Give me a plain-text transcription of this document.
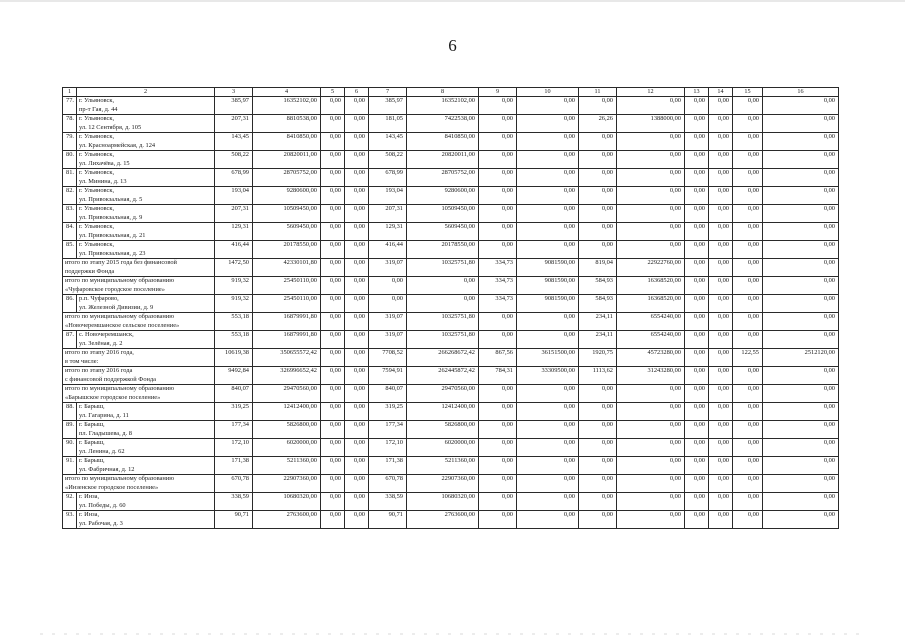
6
1	2	3	4	5	6	7	8	9	10	11	12	13	14	15	16
77.	г. Ульяновск,
пр-т Гая, д. 44	385,97	16352102,00	0,00	0,00	385,97	16352102,00	0,00	0,00	0,00	0,00	0,00	0,00	0,00	0,00
78.	г. Ульяновск,
ул. 12 Сентября, д. 105	207,31	8810538,00	0,00	0,00	181,05	7422538,00	0,00	0,00	26,26	1388000,00	0,00	0,00	0,00	0,00
79.	г. Ульяновск,
ул. Красноармейская, д. 124	143,45	8410850,00	0,00	0,00	143,45	8410850,00	0,00	0,00	0,00	0,00	0,00	0,00	0,00	0,00
80.	г. Ульяновск,
ул. Лихачёва, д. 15	508,22	20820011,00	0,00	0,00	508,22	20820011,00	0,00	0,00	0,00	0,00	0,00	0,00	0,00	0,00
81.	г. Ульяновск,
ул. Минина, д. 13	678,99	28705752,00	0,00	0,00	678,99	28705752,00	0,00	0,00	0,00	0,00	0,00	0,00	0,00	0,00
82.	г. Ульяновск,
ул. Привокзальная, д. 5	193,04	9280600,00	0,00	0,00	193,04	9280600,00	0,00	0,00	0,00	0,00	0,00	0,00	0,00	0,00
83.	г. Ульяновск,
ул. Привокзальная, д. 9	207,31	10509450,00	0,00	0,00	207,31	10509450,00	0,00	0,00	0,00	0,00	0,00	0,00	0,00	0,00
84.	г. Ульяновск,
ул. Привокзальная, д. 21	129,31	5609450,00	0,00	0,00	129,31	5609450,00	0,00	0,00	0,00	0,00	0,00	0,00	0,00	0,00
85.	г. Ульяновск,
ул. Привокзальная, д. 23	416,44	20178550,00	0,00	0,00	416,44	20178550,00	0,00	0,00	0,00	0,00	0,00	0,00	0,00	0,00

итого по этапу 2015 года без финансовой
поддержки Фонда		1472,50	42330101,80	0,00	0,00	319,07	10325751,80	334,73	9081590,00	819,04	22922760,00	0,00	0,00	0,00	0,00

итого по муниципальному образованию
«Чуфаровское городское поселение»		919,32	25450110,00	0,00	0,00	0,00	0,00	334,73	9081590,00	584,93	16368520,00	0,00	0,00	0,00	0,00
86.	р.п. Чуфарово,
ул. Железной Дивизии, д. 9	919,32	25450110,00	0,00	0,00	0,00	0,00	334,73	9081590,00	584,93	16368520,00	0,00	0,00	0,00	0,00

итого по муниципальному образованию
«Новочеремшанское сельское поселение»		553,18	16879991,80	0,00	0,00	319,07	10325751,80	0,00	0,00	234,11	6554240,00	0,00	0,00	0,00	0,00
87.	с. Новочеремшанск,
ул. Зелёная, д. 2	553,18	16879991,80	0,00	0,00	319,07	10325751,80	0,00	0,00	234,11	6554240,00	0,00	0,00	0,00	0,00

итого по этапу 2016 года,
в том числе:		10619,38	350655572,42	0,00	0,00	7708,52	266268672,42	867,56	36151500,00	1920,75	45723280,00	0,00	0,00	122,55	2512120,00

итого по этапу 2016 года
с финансовой поддержкой Фонда		9492,84	326996652,42	0,00	0,00	7594,91	262445872,42	784,31	33309500,00	1113,62	31243280,00	0,00	0,00	0,00	0,00

итого по муниципальному образованию
«Барышское городское поселение»		840,07	29470560,00	0,00	0,00	840,07	29470560,00	0,00	0,00	0,00	0,00	0,00	0,00	0,00	0,00
88.	г. Барыш,
ул. Гагарина, д. 11	319,25	12412400,00	0,00	0,00	319,25	12412400,00	0,00	0,00	0,00	0,00	0,00	0,00	0,00	0,00
89.	г. Барыш,
пл. Гладышева, д. 8	177,34	5826800,00	0,00	0,00	177,34	5826800,00	0,00	0,00	0,00	0,00	0,00	0,00	0,00	0,00
90.	г. Барыш,
ул. Ленина, д. 62	172,10	6020000,00	0,00	0,00	172,10	6020000,00	0,00	0,00	0,00	0,00	0,00	0,00	0,00	0,00
91.	г. Барыш,
ул. Фабричная, д. 12	171,38	5211360,00	0,00	0,00	171,38	5211360,00	0,00	0,00	0,00	0,00	0,00	0,00	0,00	0,00

итого по муниципальному образованию
«Инзенское городское поселение»		670,78	22907360,00	0,00	0,00	670,78	22907360,00	0,00	0,00	0,00	0,00	0,00	0,00	0,00	0,00
92.	г. Инза,
ул. Победы, д. 60	338,59	10680320,00	0,00	0,00	338,59	10680320,00	0,00	0,00	0,00	0,00	0,00	0,00	0,00	0,00
93.	г. Инза,
ул. Рабочая, д. 3	90,71	2763600,00	0,00	0,00	90,71	2763600,00	0,00	0,00	0,00	0,00	0,00	0,00	0,00	0,00
